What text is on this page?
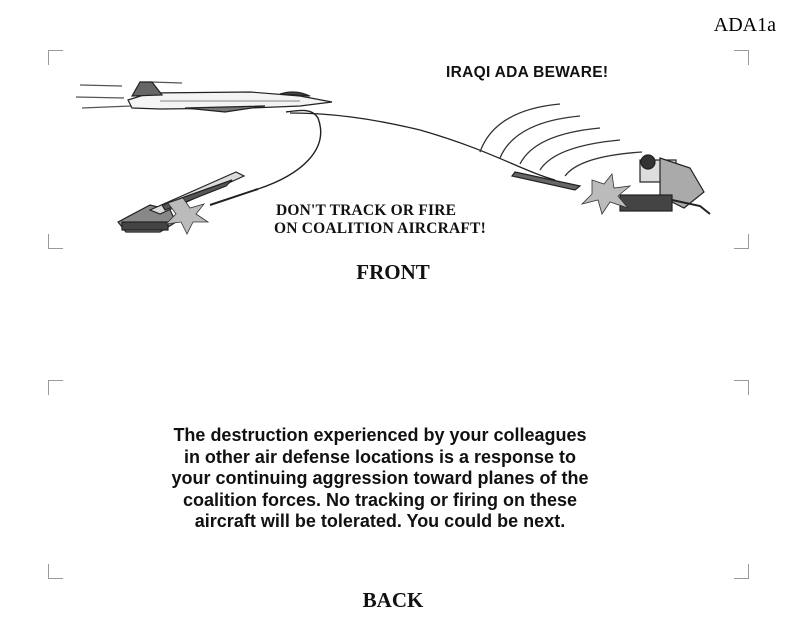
ADA1a
IRAQI ADA BEWARE!
DON'T TRACK OR FIRE
ON COALITION AIRCRAFT!
FRONT
The destruction experienced by your colleagues
in other air defense locations is a response to
your continuing aggression toward planes of the
coalition forces. No tracking or firing on these
aircraft will be tolerated. You could be next.
BACK
